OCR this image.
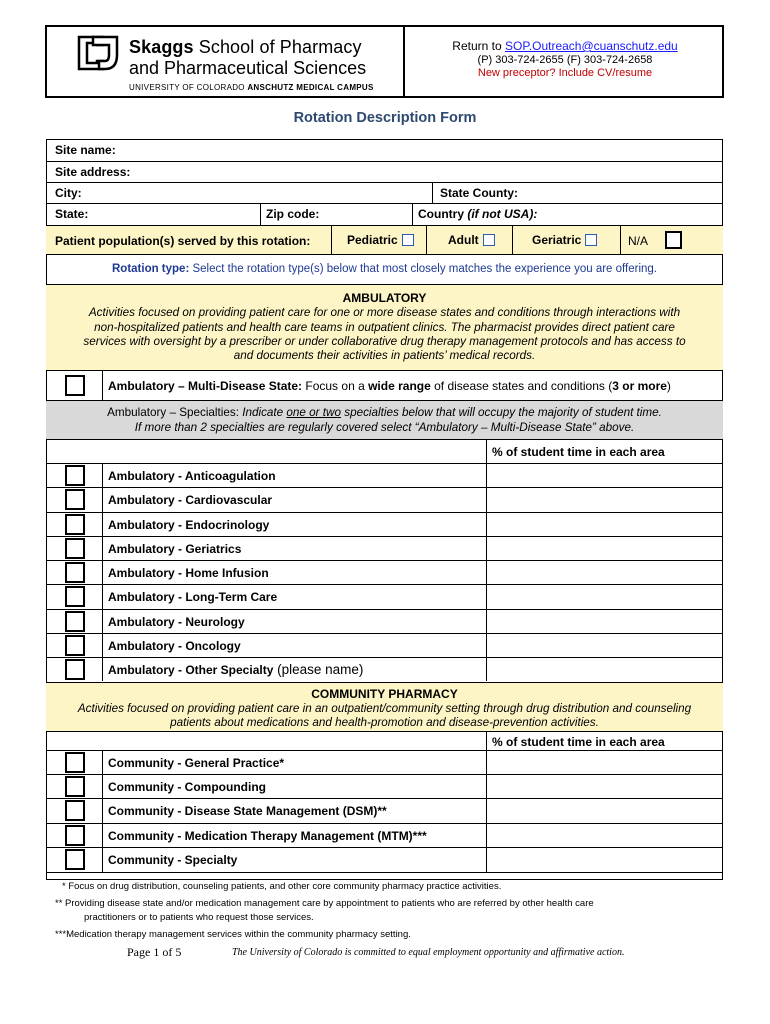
Skaggs School of Pharmacy
and Pharmaceutical Sciences
UNIVERSITY OF COLORADO ANSCHUTZ MEDICAL CAMPUS
Return to SOP.Outreach@cuanschutz.edu
(P) 303-724-2655 (F) 303-724-2658
New preceptor? Include CV/resume
Rotation Description Form
Site name:
Site address:
City:	State County:
State:	Zip code:	Country (if not USA):
Patient population(s) served by this rotation:	Pediatric	Adult	Geriatric	N/A
Rotation type: Select the rotation type(s) below that most closely matches the experience you are offering.
AMBULATORY
Activities focused on providing patient care for one or more disease states and conditions through interactions with
non-hospitalized patients and health care teams in outpatient clinics. The pharmacist provides direct patient care
services with oversight by a prescriber or under collaborative drug therapy management protocols and has access to
and documents their activities in patients’ medical records.
Ambulatory – Multi-Disease State: Focus on a wide range of disease states and conditions (3 or more)
Ambulatory – Specialties: Indicate one or two specialties below that will occupy the majority of student time.
If more than 2 specialties are regularly covered select “Ambulatory – Multi-Disease State” above.
% of student time in each area
Ambulatory - Anticoagulation
Ambulatory - Cardiovascular
Ambulatory - Endocrinology
Ambulatory - Geriatrics
Ambulatory - Home Infusion
Ambulatory - Long-Term Care
Ambulatory - Neurology
Ambulatory - Oncology
Ambulatory - Other Specialty (please name)
COMMUNITY PHARMACY
Activities focused on providing patient care in an outpatient/community setting through drug distribution and counseling
patients about medications and health-promotion and disease-prevention activities.
% of student time in each area
Community - General Practice*
Community - Compounding
Community - Disease State Management (DSM)**
Community - Medication Therapy Management (MTM)***
Community - Specialty
* Focus on drug distribution, counseling patients, and other core community pharmacy practice activities.
** Providing disease state and/or medication management care by appointment to patients who are referred by other health care
practitioners or to patients who request those services.
***Medication therapy management services within the community pharmacy setting.
Page 1 of 5	The University of Colorado is committed to equal employment opportunity and affirmative action.
